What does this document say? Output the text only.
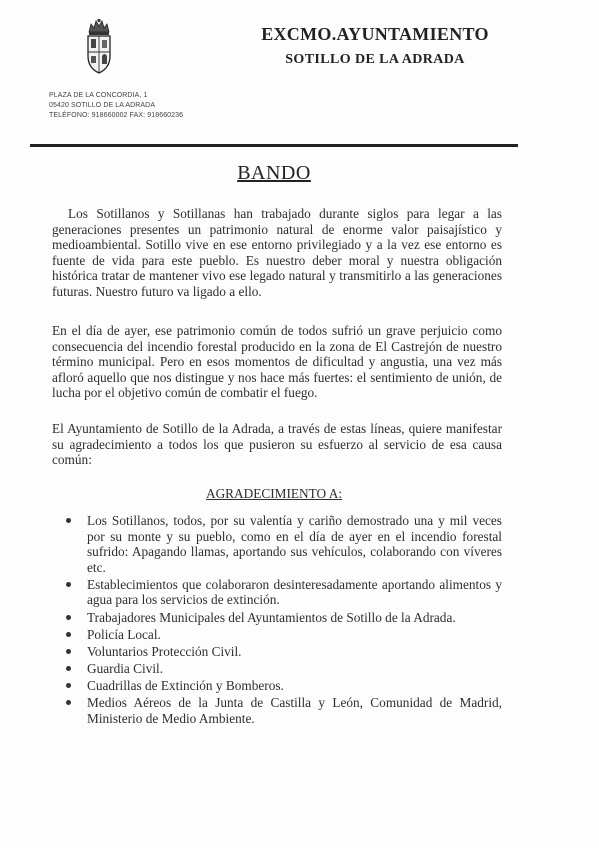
EXCMO.AYUNTAMIENTO
SOTILLO DE LA ADRADA
PLAZA DE LA CONCORDIA, 1
05420 SOTILLO DE LA ADRADA
TELÉFONO: 918660002 FAX: 918660236
BANDO

Los Sotillanos y Sotillanas han trabajado durante siglos para legar a las generaciones presentes un patrimonio natural de enorme valor paisajístico y medioambiental. Sotillo vive en ese entorno privilegiado y a la vez ese entorno es fuente de vida para este pueblo. Es nuestro deber moral y nuestra obligación histórica tratar de mantener vivo ese legado natural y transmitirlo a las generaciones futuras. Nuestro futuro va ligado a ello.

En el día de ayer, ese patrimonio común de todos sufrió un grave perjuicio como consecuencia del incendio forestal producido en la zona de El Castrejón de nuestro término municipal. Pero en esos momentos de dificultad y angustia, una vez más afloró aquello que nos distingue y nos hace más fuertes: el sentimiento de unión, de lucha por el objetivo común de combatir el fuego.

El Ayuntamiento de Sotillo de la Adrada, a través de estas líneas, quiere manifestar su agradecimiento a todos los que pusieron su esfuerzo al servicio de esa causa común:

AGRADECIMIENTO A:
Los Sotillanos, todos, por su valentía y cariño demostrado una y mil veces por su monte y su pueblo, como en el día de ayer en el incendio forestal sufrido: Apagando llamas, aportando sus vehículos, colaborando con víveres etc.
Establecimientos que colaboraron desinteresadamente aportando alimentos y agua para los servicios de extinción.
Trabajadores Municipales del Ayuntamientos de Sotillo de la Adrada.
Policía Local.
Voluntarios Protección Civil.
Guardia Civil.
Cuadrillas de Extinción y Bomberos.
Medios Aéreos de la Junta de Castilla y León, Comunidad de Madrid, Ministerio de Medio Ambiente.
